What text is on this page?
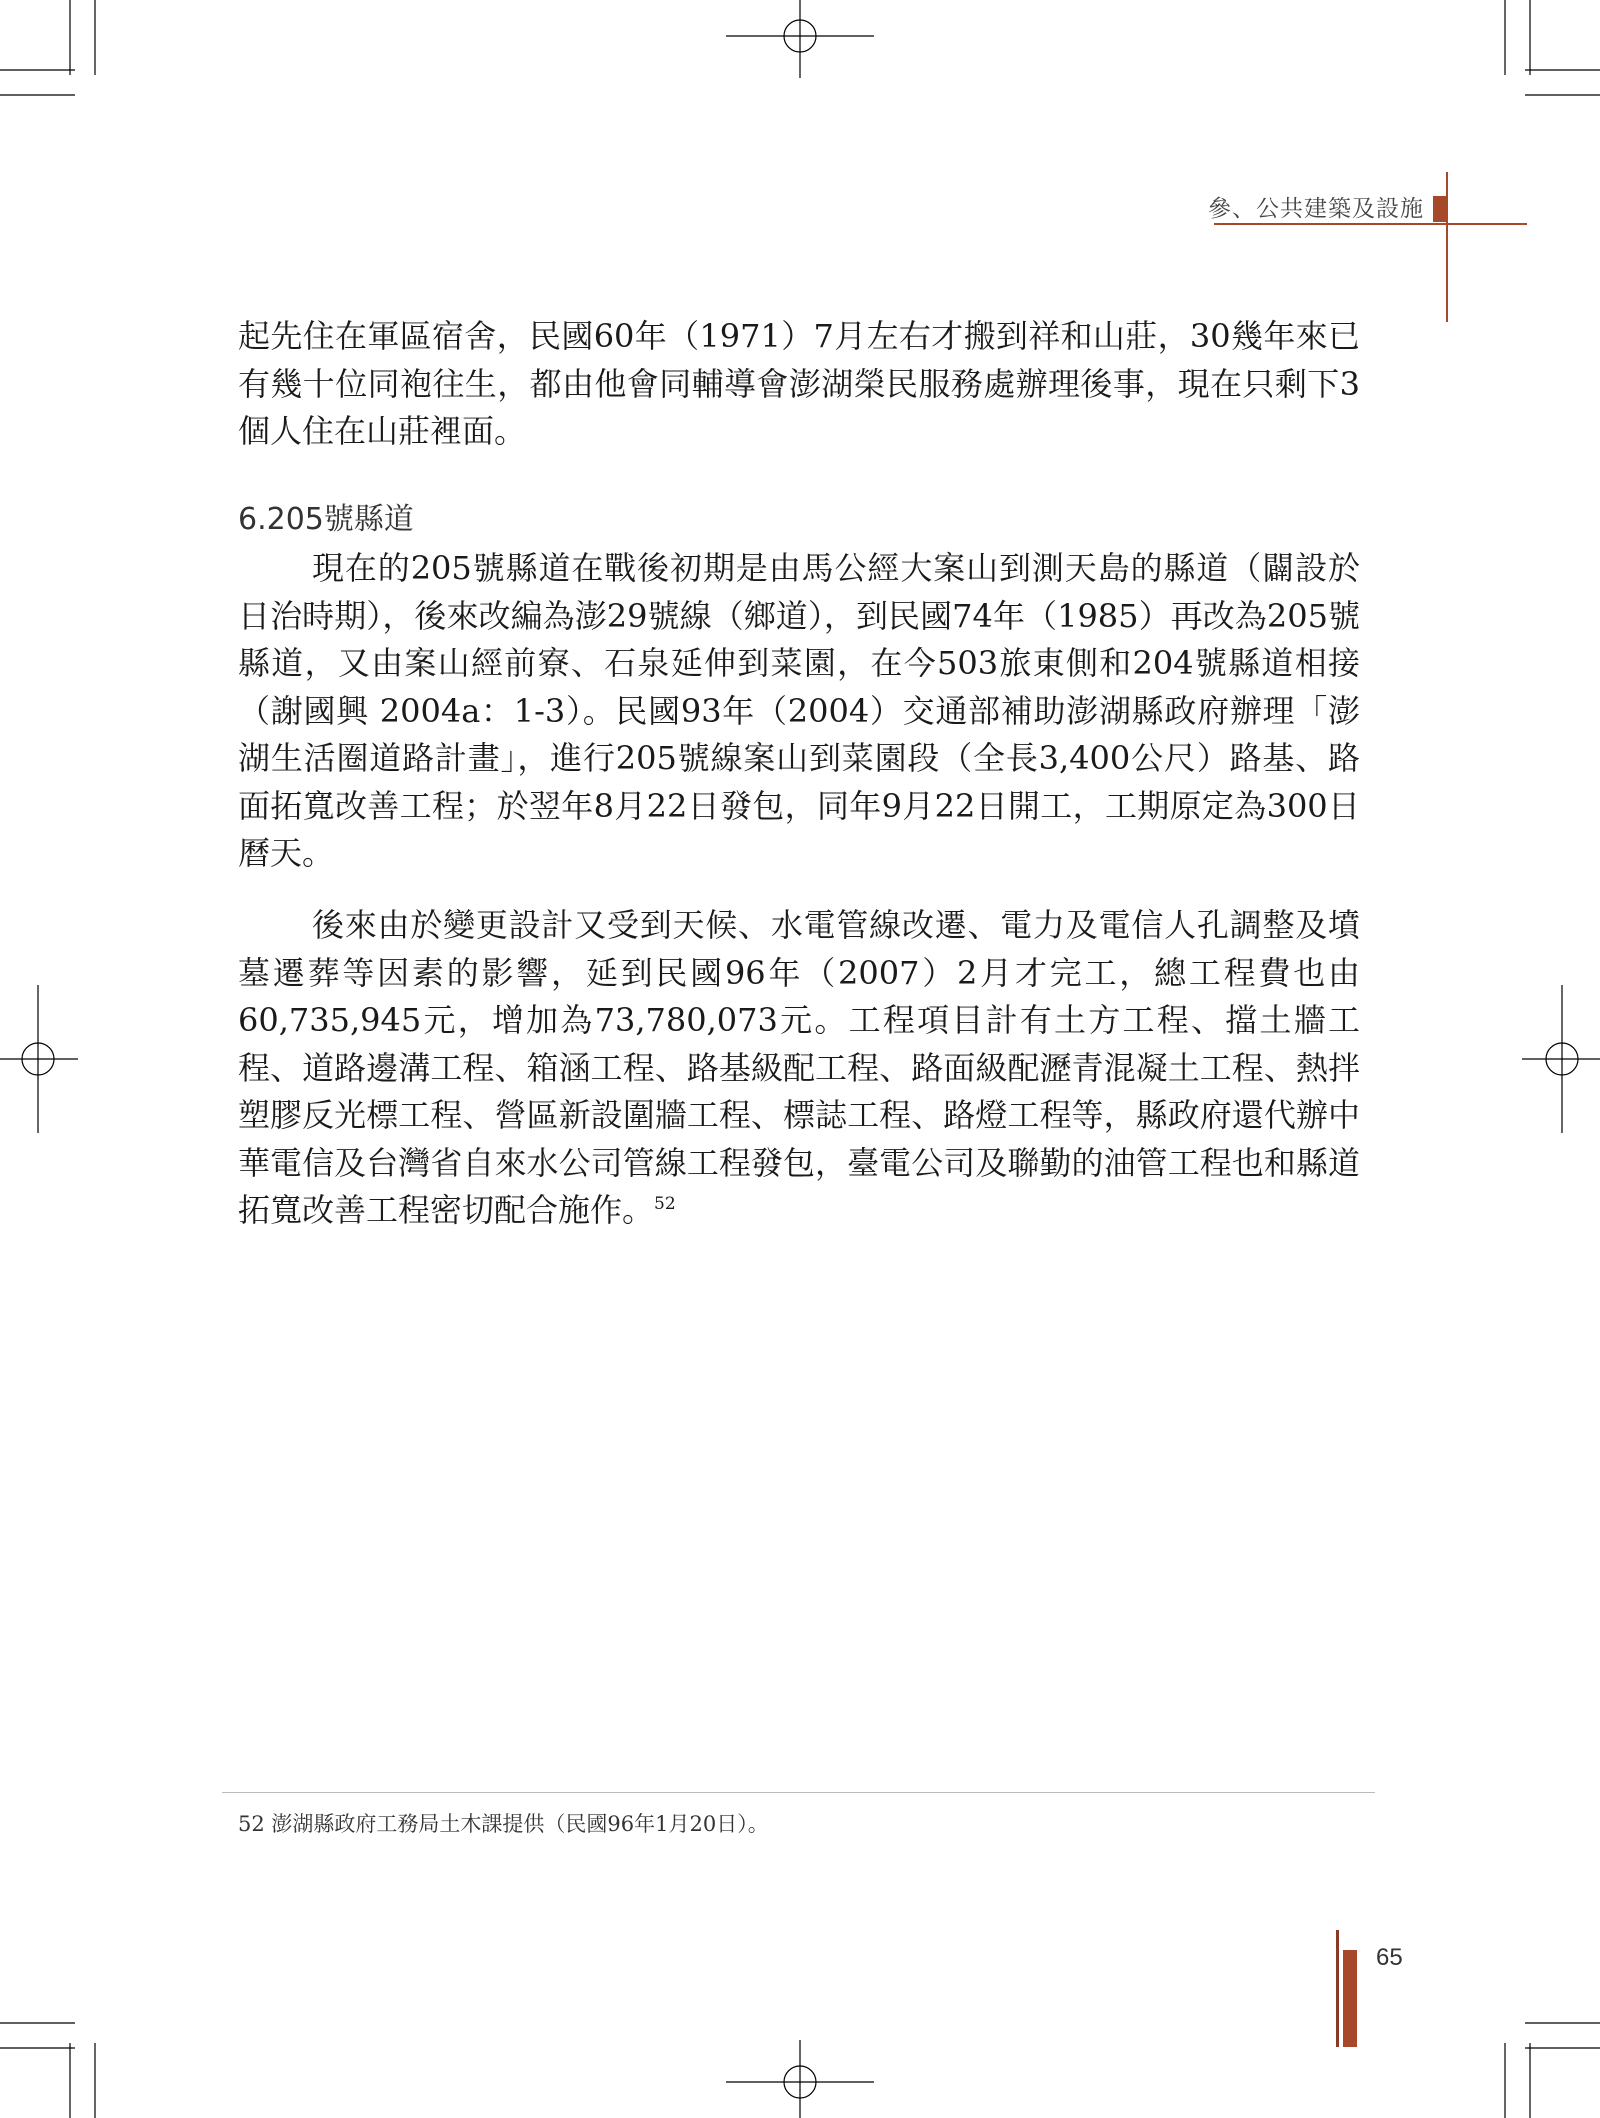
參、公共建築及設施

起先住在軍區宿舍，民國60年（1971）7月左右才搬到祥和山莊，30幾年來已有幾十位同袍往生，都由他會同輔導會澎湖榮民服務處辦理後事，現在只剩下3個人住在山莊裡面。

6.205號縣道

現在的205號縣道在戰後初期是由馬公經大案山到測天島的縣道（闢設於日治時期），後來改編為澎29號線（鄉道），到民國74年（1985）再改為205號縣道，又由案山經前寮、石泉延伸到菜園，在今503旅東側和204號縣道相接（謝國興 2004a：1-3）。民國93年（2004）交通部補助澎湖縣政府辦理「澎湖生活圈道路計畫」，進行205號線案山到菜園段（全長3,400公尺）路基、路面拓寬改善工程；於翌年8月22日發包，同年9月22日開工，工期原定為300日曆天。

後來由於變更設計又受到天候、水電管線改遷、電力及電信人孔調整及墳墓遷葬等因素的影響，延到民國96年（2007）2月才完工，總工程費也由60,735,945元，增加為73,780,073元。工程項目計有土方工程、擋土牆工程、道路邊溝工程、箱涵工程、路基級配工程、路面級配瀝青混凝土工程、熱拌塑膠反光標工程、營區新設圍牆工程、標誌工程、路燈工程等，縣政府還代辦中華電信及台灣省自來水公司管線工程發包，臺電公司及聯勤的油管工程也和縣道拓寬改善工程密切配合施作。$^{52}$

52 澎湖縣政府工務局土木課提供（民國96年1月20日）。
65
